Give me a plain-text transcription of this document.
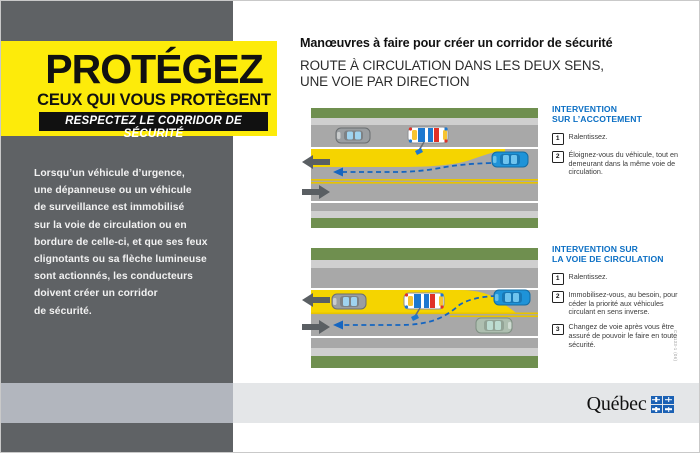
PROTÉGEZ
CEUX QUI VOUS PROTÈGENT
RESPECTEZ LE CORRIDOR DE SÉCURITÉ

Lorsqu’un véhicule d’urgence,

une dépanneuse ou un véhicule

de surveillance est immobilisé

sur la voie de circulation ou en

bordure de celle-ci, et que ses feux

clignotants ou sa flèche lumineuse

sont actionnés, les conducteurs

doivent créer un corridor

de sécurité.

Manœuvres à faire pour créer un corridor de sécurité
ROUTE À CIRCULATION DANS LES DEUX SENS,
UNE VOIE PAR DIRECTION
INTERVENTION
SUR L’ACCOTEMENT
1	Ralentissez.
2	Éloignez-vous du véhicule, tout en demeurant dans la même voie de circulation.
INTERVENTION SUR
LA VOIE DE CIRCULATION
1	Ralentissez.
2	Immobilisez-vous, au besoin, pour céder la priorité aux véhicules circulant en sens inverse.
3	Changez de voie après vous être assuré de pouvoir le faire en toute sécurité.	C-6133-1 (06)
Québec
